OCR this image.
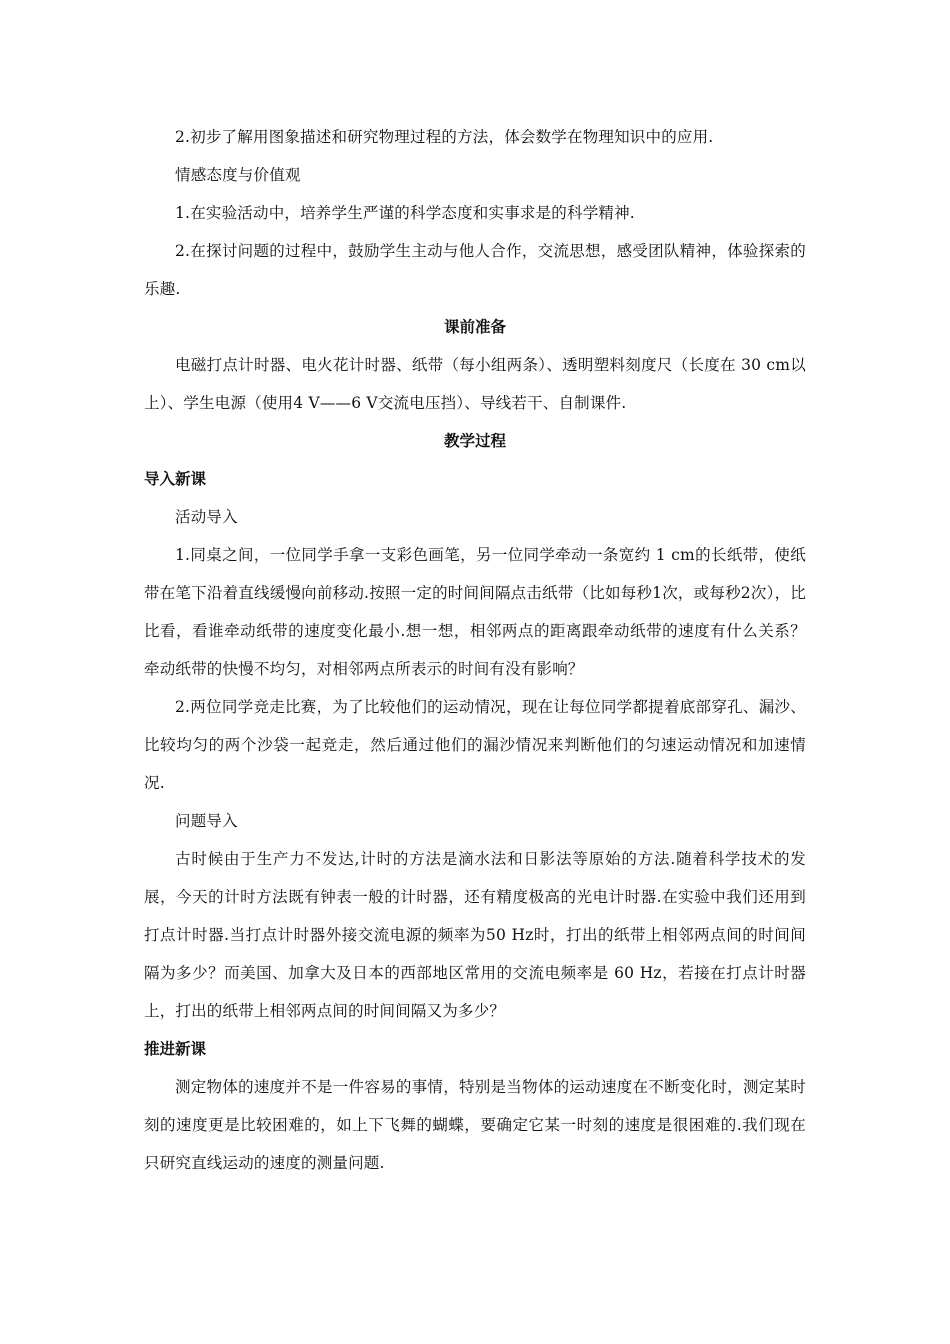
2.初步了解用图象描述和研究物理过程的方法，体会数学在物理知识中的应用.

情感态度与价值观

1.在实验活动中，培养学生严谨的科学态度和实事求是的科学精神.

2.在探讨问题的过程中，鼓励学生主动与他人合作，交流思想，感受团队精神，体验探索的乐趣.

课前准备

电磁打点计时器、电火花计时器、纸带（每小组两条）、透明塑料刻度尺（长度在 30 cm以上）、学生电源（使用4 V——6 V交流电压挡）、导线若干、自制课件.

教学过程

导入新课

活动导入

1.同桌之间，一位同学手拿一支彩色画笔，另一位同学牵动一条宽约 1 cm的长纸带，使纸带在笔下沿着直线缓慢向前移动.按照一定的时间间隔点击纸带（比如每秒1次，或每秒2次），比比看，看谁牵动纸带的速度变化最小.想一想，相邻两点的距离跟牵动纸带的速度有什么关系？牵动纸带的快慢不均匀，对相邻两点所表示的时间有没有影响？

2.两位同学竞走比赛，为了比较他们的运动情况，现在让每位同学都提着底部穿孔、漏沙、比较均匀的两个沙袋一起竞走，然后通过他们的漏沙情况来判断他们的匀速运动情况和加速情况.

问题导入

古时候由于生产力不发达,计时的方法是滴水法和日影法等原始的方法.随着科学技术的发展，今天的计时方法既有钟表一般的计时器，还有精度极高的光电计时器.在实验中我们还用到打点计时器.当打点计时器外接交流电源的频率为50 Hz时，打出的纸带上相邻两点间的时间间隔为多少？而美国、加拿大及日本的西部地区常用的交流电频率是 60 Hz，若接在打点计时器上，打出的纸带上相邻两点间的时间间隔又为多少？

推进新课

测定物体的速度并不是一件容易的事情，特别是当物体的运动速度在不断变化时，测定某时刻的速度更是比较困难的，如上下飞舞的蝴蝶，要确定它某一时刻的速度是很困难的.我们现在只研究直线运动的速度的测量问题.
